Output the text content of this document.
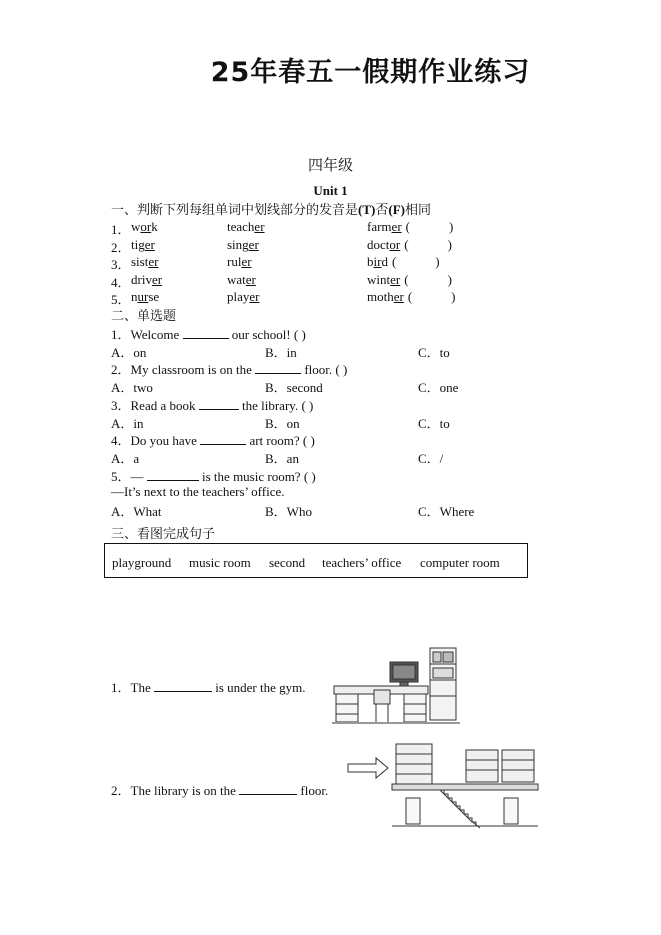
25年春五一假期作业练习
四年级
Unit 1
一、判断下列每组单词中划线部分的发音是(T)否(F)相同
1． work	teacher	farmer (            )
2． tiger	singer	doctor (            )
3． sister	ruler	bird (            )
4． driver	water	winter (            )
5． nurse	player	mother (            )
二、单选题
1．Welcome	our school! ( )
A．on	B．in	C．to
2．My classroom is on the	floor. ( )
A．two	B．second	C．one
3．Read a book	the library. ( )
A．in	B．on	C．to
4．Do you have	art room? ( )
A．a	B．an	C．/
5．—	is the music room? ( )
—It’s next to the teachers’ office.
A．What	B．Who	C．Where
三、看图完成句子
playground music room second teachers’ office computer room
1．The	is under the gym.
2．The library is on the	floor.
